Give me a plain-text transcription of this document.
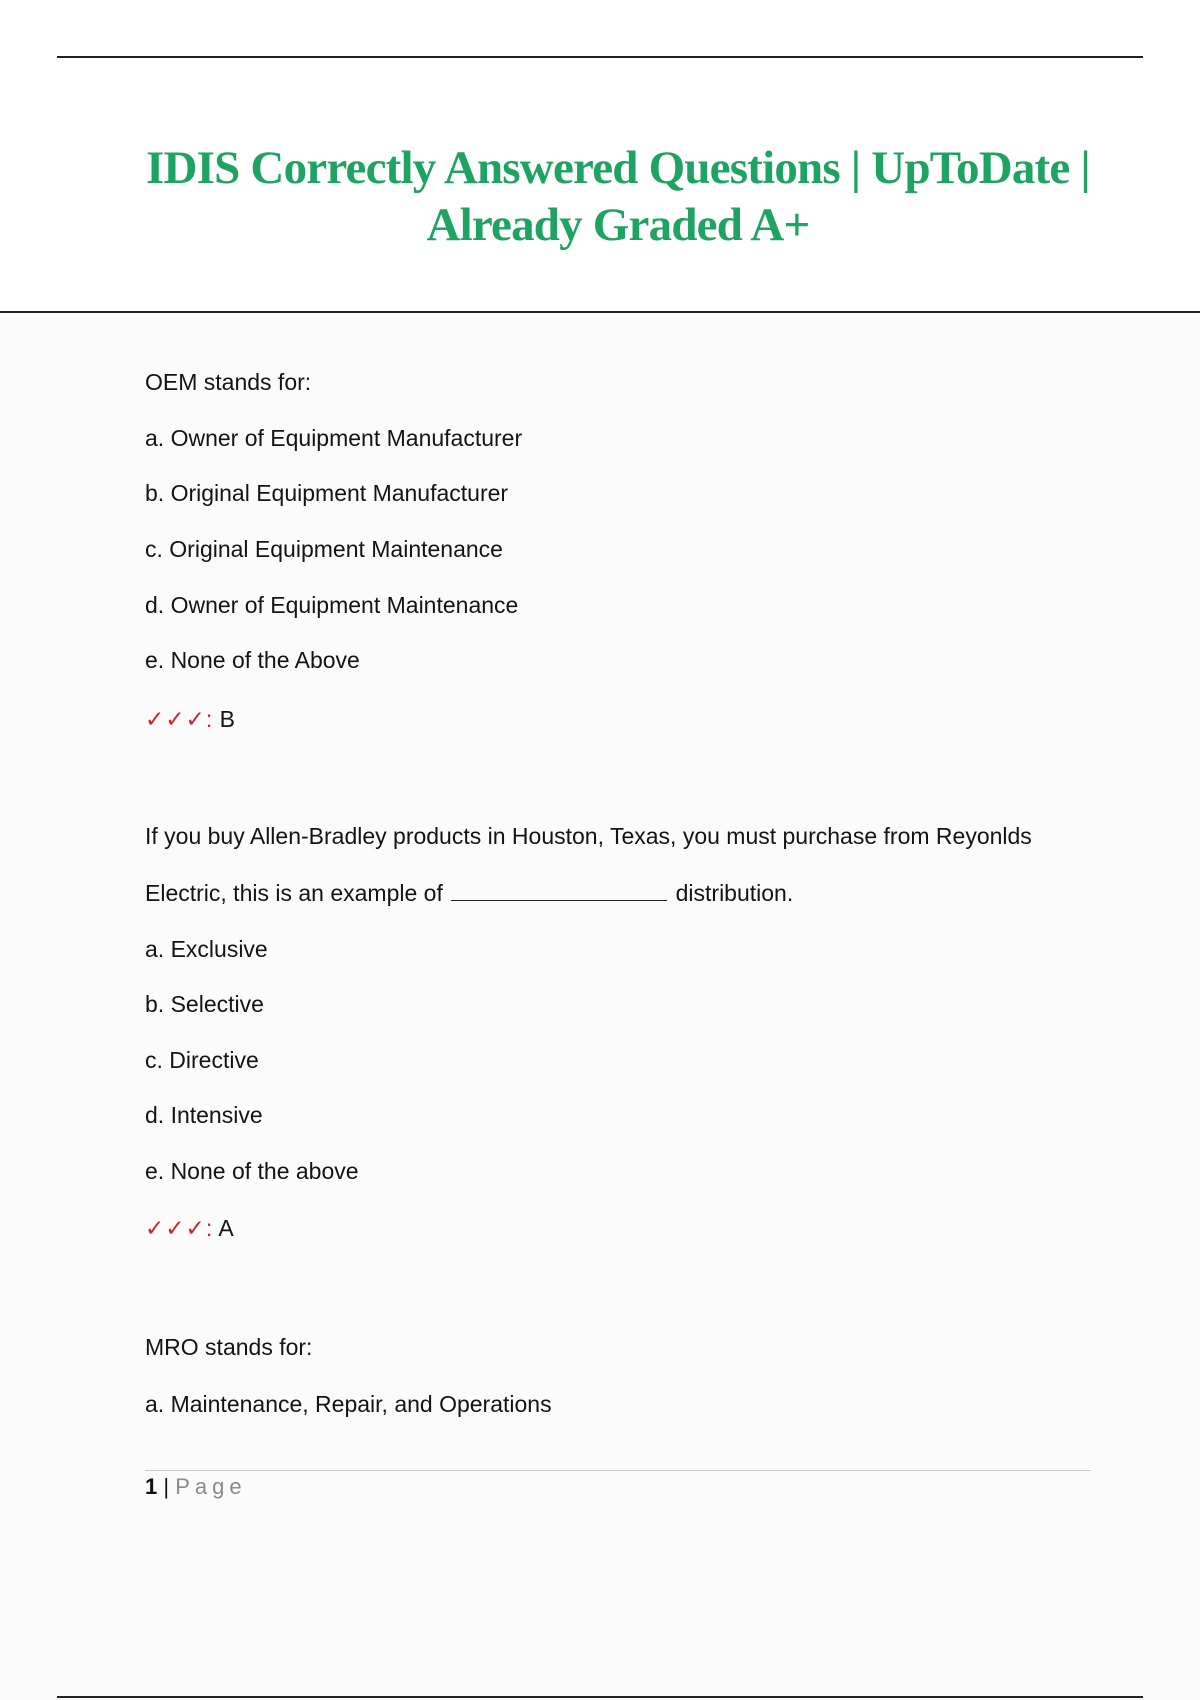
IDIS Correctly Answered Questions | UpToDate |
Already Graded A+
OEM stands for:
a. Owner of Equipment Manufacturer
b. Original Equipment Manufacturer
c. Original Equipment Maintenance
d. Owner of Equipment Maintenance
e. None of the Above
✓✓✓: B
If you buy Allen-Bradley products in Houston, Texas, you must purchase from Reyonlds
Electric, this is an example of	distribution.
a. Exclusive
b. Selective
c. Directive
d. Intensive
e. None of the above
✓✓✓: A
MRO stands for:
a. Maintenance, Repair, and Operations
1 | Page
